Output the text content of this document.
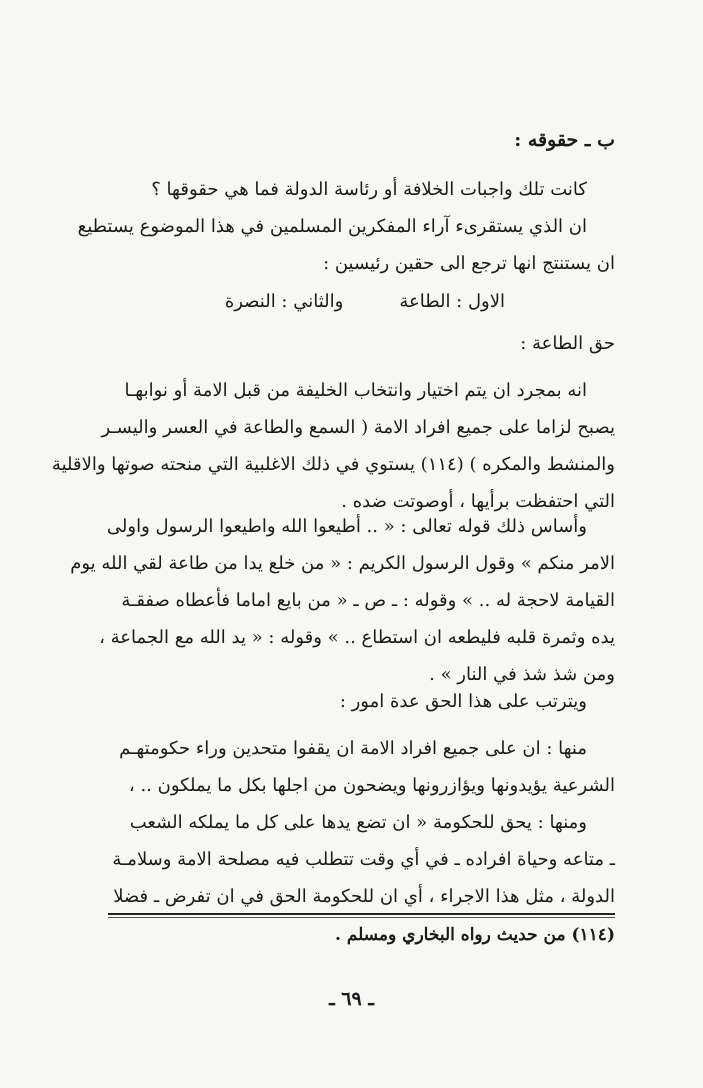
ب ـ حقوقه :
كانت تلك واجبات الخلافة أو رئاسة الدولة فما هي حقوقها ؟
ان الذي يستقرىء آراء المفكرين المسلمين في هذا الموضوع يستطيع
ان يستنتج انها ترجع الى حقين رئيسين :
الاول : الطاعةوالثاني : النصرة
حق الطاعة :
انه بمجرد ان يتم اختيار وانتخاب الخليفة من قبل الامة أو نوابهـا
يصبح لزاما على جميع افراد الامة ( السمع والطاعة في العسر واليسـر
والمنشط والمكره ) (١١٤) يستوي في ذلك الاغلبية التي منحته صوتها والاقلية
التي احتفظت برأيها ، أوصوتت ضده .
وأساس ذلك قوله تعالى : « .. أطيعوا الله واطيعوا الرسول واولى
الامر منكم » وقول الرسول الكريم : « من خلع يدا من طاعة لقي الله يوم
القيامة لاحجة له .. » وقوله : ـ ص ـ « من بايع اماما فأعطاه صفقـة
يده وثمرة قلبه فليطعه ان استطاع .. » وقوله : « يد الله مع الجماعة ،
ومن شذ شذ في النار » .
ويترتب على هذا الحق عدة امور :
منها : ان على جميع افراد الامة ان يقفوا متحدين وراء حكومتهـم
الشرعية يؤيدونها ويؤازرونها ويضحون من اجلها بكل ما يملكون .. ،
ومنها : يحق للحكومة « ان تضع يدها على كل ما يملكه الشعب
ـ متاعه وحياة افراده ـ في أي وقت تتطلب فيه مصلحة الامة وسلامـة
الدولة ، مثل هذا الاجراء ، أي ان للحكومة الحق في ان تفرض ـ فضلا
(١١٤) من حديث رواه البخاري ومسلم .
ـ ٦٩ ـ
